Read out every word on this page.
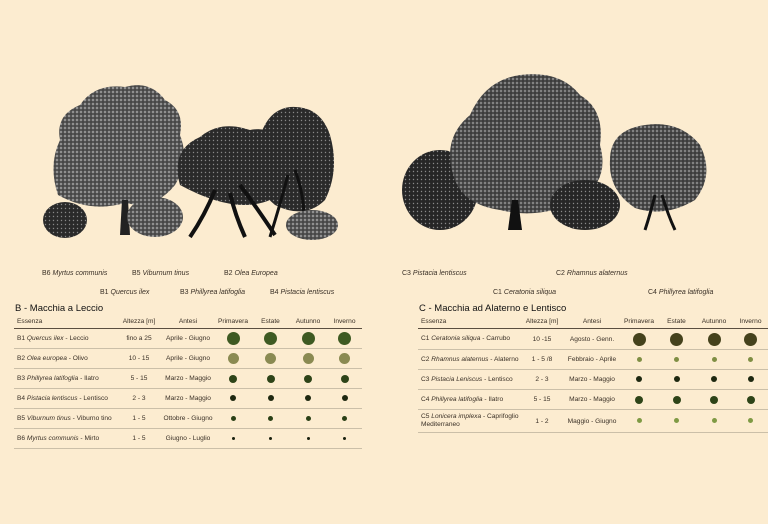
B6 Myrtus communis	B5 Viburnum tinus	B2 Olea Europea
B1 Quercus ilex	B3 Phillyrea latifoglia	B4 Pistacia lentiscus
C3 Pistacia lentiscus	C2 Rhamnus alaternus
C1 Ceratonia siliqua	C4 Phillyrea latifoglia
B - Macchia a Leccio	C - Macchia ad Alaterno e Lentisco
Essenza	Altezza [m]	Antesi	Primavera	Estate	Autunno	Inverno
B1 Quercus ilex - Leccio	fino a 25	Aprile - Giugno				
B2 Olea europea - Olivo	10 - 15	Aprile - Giugno				
B3 Phillyrea latifoglia - Ilatro	5 - 15	Marzo - Maggio				
B4 Pistacia lentiscus - Lentisco	2 - 3	Marzo - Maggio				
B5 Viburnum tinus - Viburno tino	1 - 5	Ottobre - Giugno				
B6 Myrtus communis - Mirto	1 - 5	Giugno - Luglio				
Essenza	Altezza [m]	Antesi	Primavera	Estate	Autunno	Inverno
C1 Ceratonia siliqua - Carrubo	10 -15	Agosto - Genn.				
C2 Rhamnus alaternus - Alaterno	1 - 5 /8	Febbraio - Aprile				
C3 Pistacia Leniscus - Lentisco	2 - 3	Marzo - Maggio				
C4 Phillyrea latifoglia - Ilatro	5 - 15	Marzo - Maggio				
C5 Lonicera implexa - Caprifoglio Mediterraneo	1 - 2	Maggio - Giugno				
